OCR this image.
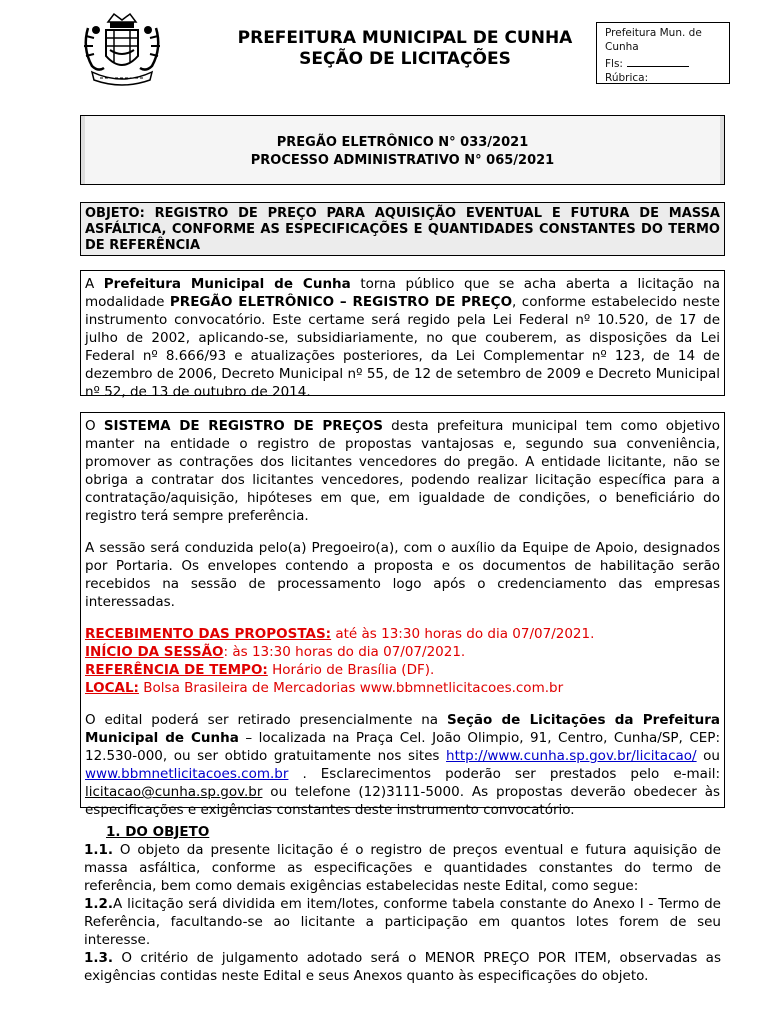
PREFEITURA MUNICIPAL DE CUNHA
SEÇÃO DE LICITAÇÕES
Prefeitura Mun. de
Cunha
Fls:
Rúbrica:
PREGÃO ELETRÔNICO N° 033/2021
PROCESSO ADMINISTRATIVO N° 065/2021
OBJETO: REGISTRO DE PREÇO PARA AQUISIÇÃO EVENTUAL E FUTURA DE MASSA ASFÁLTICA, CONFORME AS ESPECIFICAÇÕES E QUANTIDADES CONSTANTES DO TERMO DE REFERÊNCIA

A Prefeitura Municipal de Cunha torna público que se acha aberta a licitação na modalidade PREGÃO ELETRÔNICO – REGISTRO DE PREÇO, conforme estabelecido neste instrumento convocatório. Este certame será regido pela Lei Federal nº 10.520, de 17 de julho de 2002, aplicando-se, subsidiariamente, no que couberem, as disposições da Lei Federal nº 8.666/93 e atualizações posteriores, da Lei Complementar nº 123, de 14 de dezembro de 2006, Decreto Municipal nº 55, de 12 de setembro de 2009 e Decreto Municipal nº 52, de 13 de outubro de 2014.

O SISTEMA DE REGISTRO DE PREÇOS desta prefeitura municipal tem como objetivo manter na entidade o registro de propostas vantajosas e, segundo sua conveniência, promover as contrações dos licitantes vencedores do pregão. A entidade licitante, não se obriga a contratar dos licitantes vencedores, podendo realizar licitação específica para a contratação/aquisição, hipóteses em que, em igualdade de condições, o beneficiário do registro terá sempre preferência.

A sessão será conduzida pelo(a) Pregoeiro(a), com o auxílio da Equipe de Apoio, designados por Portaria. Os envelopes contendo a proposta e os documentos de habilitação serão recebidos na sessão de processamento logo após o credenciamento das empresas interessadas.

RECEBIMENTO DAS PROPOSTAS: até às 13:30 horas do dia 07/07/2021.
INÍCIO DA SESSÃO: às 13:30 horas do dia 07/07/2021.
REFERÊNCIA DE TEMPO: Horário de Brasília (DF).
LOCAL: Bolsa Brasileira de Mercadorias www.bbmnetlicitacoes.com.br

O edital poderá ser retirado presencialmente na Seção de Licitações da Prefeitura Municipal de Cunha – localizada na Praça Cel. João Olimpio, 91, Centro, Cunha/SP, CEP: 12.530-000, ou ser obtido gratuitamente nos sites http://www.cunha.sp.gov.br/licitacao/ ou www.bbmnetlicitacoes.com.br . Esclarecimentos poderão ser prestados pelo e-mail: licitacao@cunha.sp.gov.br ou telefone (12)3111-5000. As propostas deverão obedecer às especificações e exigências constantes deste instrumento convocatório.

1. DO OBJETO

1.1. O objeto da presente licitação é o registro de preços eventual e futura aquisição de massa asfáltica, conforme as especificações e quantidades constantes do termo de referência, bem como demais exigências estabelecidas neste Edital, como segue:

1.2.A licitação será dividida em item/lotes, conforme tabela constante do Anexo I - Termo de Referência, facultando-se ao licitante a participação em quantos lotes forem de seu interesse.

1.3. O critério de julgamento adotado será o MENOR PREÇO POR ITEM, observadas as exigências contidas neste Edital e seus Anexos quanto às especificações do objeto.
